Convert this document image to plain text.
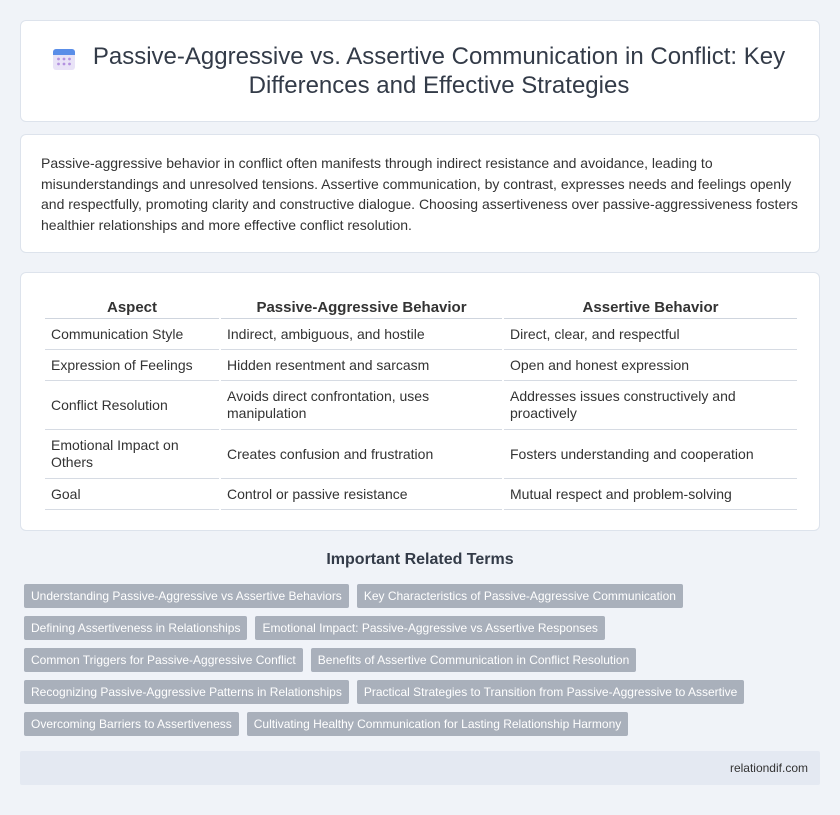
Passive-Aggressive vs. Assertive Communication in Conflict: Key Differences and Effective Strategies

Passive-aggressive behavior in conflict often manifests through indirect resistance and avoidance, leading to misunderstandings and unresolved tensions. Assertive communication, by contrast, expresses needs and feelings openly and respectfully, promoting clarity and constructive dialogue. Choosing assertiveness over passive-aggressiveness fosters healthier relationships and more effective conflict resolution.

Aspect	Passive-Aggressive Behavior	Assertive Behavior
Communication Style	Indirect, ambiguous, and hostile	Direct, clear, and respectful
Expression of Feelings	Hidden resentment and sarcasm	Open and honest expression
Conflict Resolution	Avoids direct confrontation, uses manipulation	Addresses issues constructively and proactively
Emotional Impact on Others	Creates confusion and frustration	Fosters understanding and cooperation
Goal	Control or passive resistance	Mutual respect and problem-solving
Important Related Terms
Understanding Passive-Aggressive vs Assertive Behaviors	Key Characteristics of Passive-Aggressive Communication
Defining Assertiveness in Relationships	Emotional Impact: Passive-Aggressive vs Assertive Responses
Common Triggers for Passive-Aggressive Conflict	Benefits of Assertive Communication in Conflict Resolution
Recognizing Passive-Aggressive Patterns in Relationships	Practical Strategies to Transition from Passive-Aggressive to Assertive
Overcoming Barriers to Assertiveness	Cultivating Healthy Communication for Lasting Relationship Harmony
relationdif.com
